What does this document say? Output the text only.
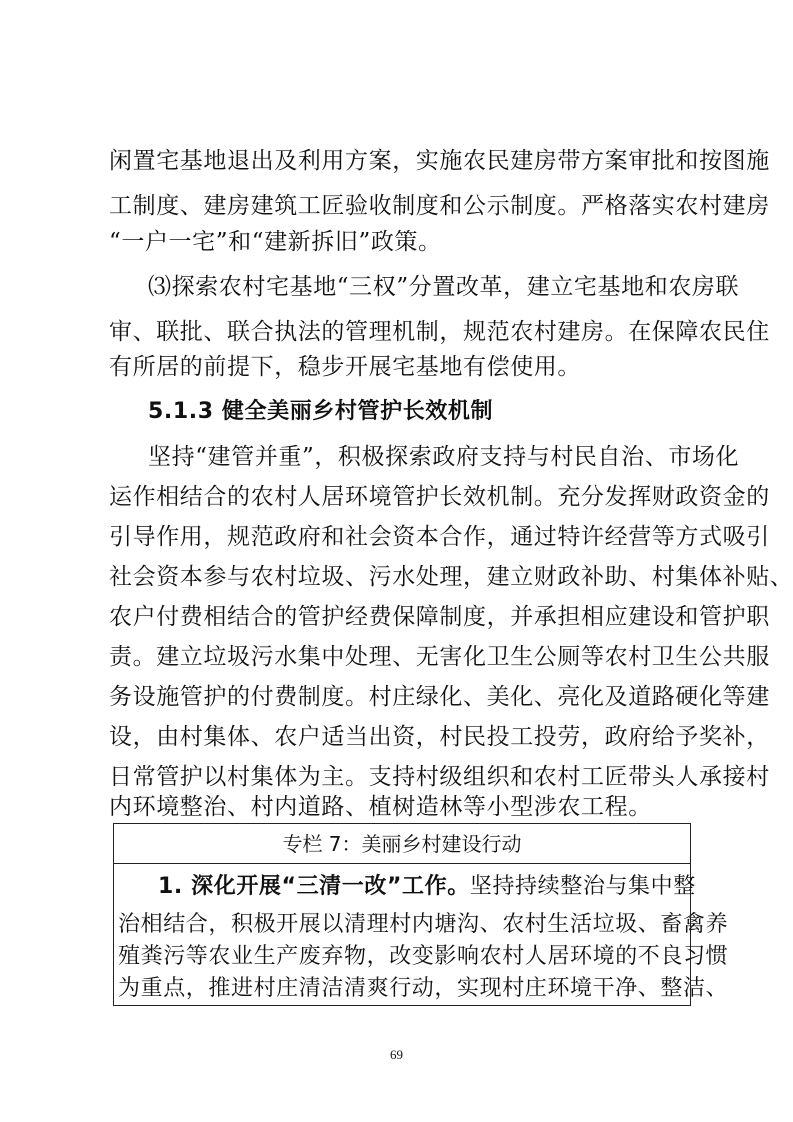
闲置宅基地退出及利用方案，实施农民建房带方案审批和按图施
工制度、建房建筑工匠验收制度和公示制度。严格落实农村建房
“一户一宅”和“建新拆旧”政策。
⑶探索农村宅基地“三权”分置改革，建立宅基地和农房联
审、联批、联合执法的管理机制，规范农村建房。在保障农民住
有所居的前提下，稳步开展宅基地有偿使用。
5.1.3 健全美丽乡村管护长效机制
坚持“建管并重”，积极探索政府支持与村民自治、市场化
运作相结合的农村人居环境管护长效机制。充分发挥财政资金的
引导作用，规范政府和社会资本合作，通过特许经营等方式吸引
社会资本参与农村垃圾、污水处理，建立财政补助、村集体补贴、
农户付费相结合的管护经费保障制度，并承担相应建设和管护职
责。建立垃圾污水集中处理、无害化卫生公厕等农村卫生公共服
务设施管护的付费制度。村庄绿化、美化、亮化及道路硬化等建
设，由村集体、农户适当出资，村民投工投劳，政府给予奖补，
日常管护以村集体为主。支持村级组织和农村工匠带头人承接村
内环境整治、村内道路、植树造林等小型涉农工程。
专栏 7：美丽乡村建设行动
1. 深化开展“三清一改”工作。坚持持续整治与集中整
治相结合，积极开展以清理村内塘沟、农村生活垃圾、畜禽养
殖粪污等农业生产废弃物，改变影响农村人居环境的不良习惯
为重点，推进村庄清洁清爽行动，实现村庄环境干净、整洁、
69
